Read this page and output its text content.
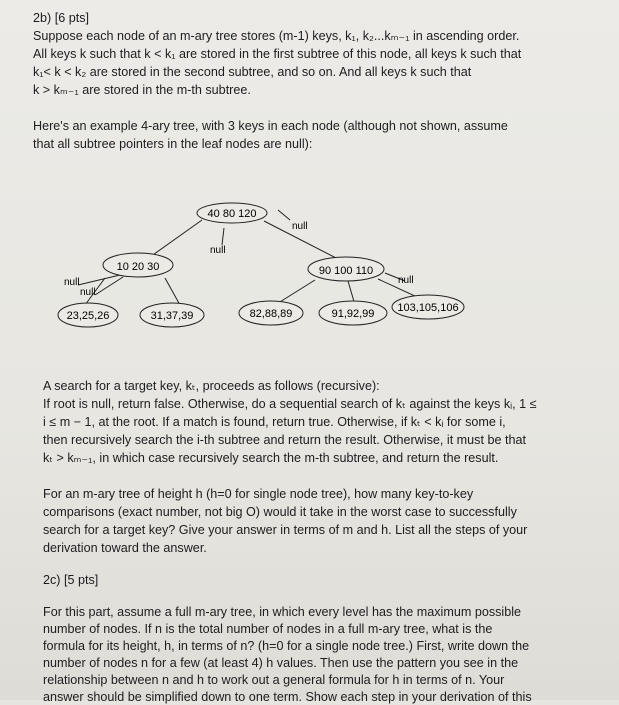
2b) [6 pts]
Suppose each node of an m-ary tree stores (m-1) keys, k₁, k₂...kₘ₋₁ in ascending order.
All keys k such that k < k₁ are stored in the first subtree of this node, all keys k such that
k₁< k < k₂ are stored in the second subtree, and so on. And all keys k such that
k > kₘ₋₁ are stored in the m-th subtree.
Here's an example 4-ary tree, with 3 keys in each node (although not shown, assume
that all subtree pointers in the leaf nodes are null):
40 80 120
10 20 30	90 100 110
23,25,26	31,37,39	82,88,89	91,92,99 103,105,106
null
null
null
null
null
A search for a target key, kₜ, proceeds as follows (recursive):
If root is null, return false. Otherwise, do a sequential search of kₜ against the keys kᵢ, 1 ≤
i ≤ m − 1, at the root. If a match is found, return true. Otherwise, if kₜ < kᵢ for some i,
then recursively search the i-th subtree and return the result. Otherwise, it must be that
kₜ > kₘ₋₁, in which case recursively search the m-th subtree, and return the result.
For an m-ary tree of height h (h=0 for single node tree), how many key-to-key
comparisons (exact number, not big O) would it take in the worst case to successfully
search for a target key? Give your answer in terms of m and h. List all the steps of your
derivation toward the answer.
2c) [5 pts]
For this part, assume a full m-ary tree, in which every level has the maximum possible
number of nodes. If n is the total number of nodes in a full m-ary tree, what is the
formula for its height, h, in terms of n? (h=0 for a single node tree.) First, write down the
number of nodes n for a few (at least 4) h values. Then use the pattern you see in the
relationship between n and h to work out a general formula for h in terms of n. Your
answer should be simplified down to one term. Show each step in your derivation of this
